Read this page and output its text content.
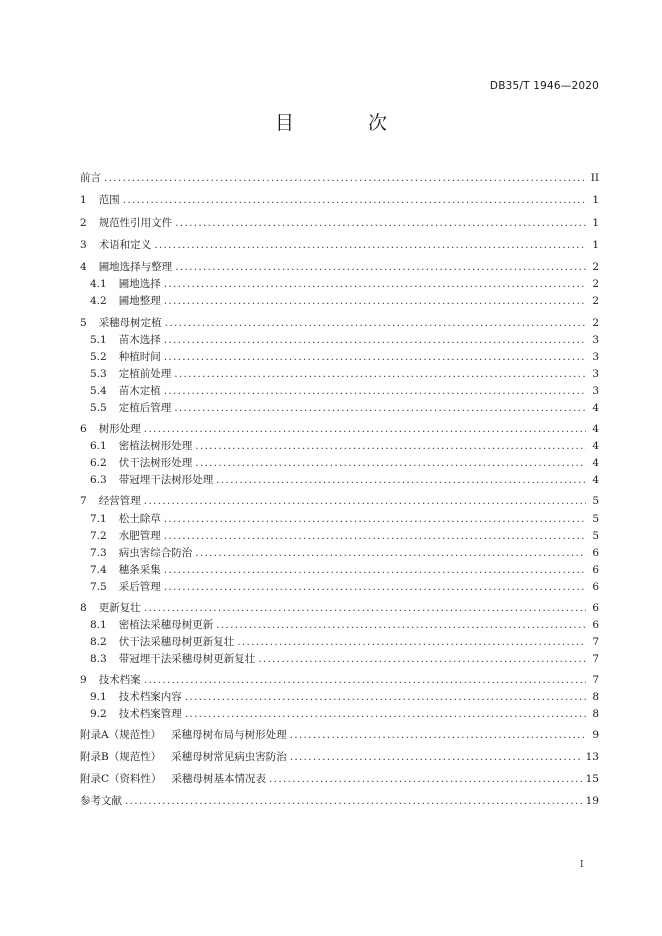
DB35/T 1946—2020
目 次
前言 .....	II
1 范围 .....	1
2 规范性引用文件 .....	1
3 术语和定义 .....	1
4 圃地选择与整理 .....	2
4.1 圃地选择 .....	2
4.2 圃地整理 .....	2
5 采穗母树定植 .....	2
5.1 苗木选择 .....	3
5.2 种植时间 .....	3
5.3 定植前处理 .....	3
5.4 苗木定植 .....	3
5.5 定植后管理 .....	4
6 树形处理 .....	4
6.1 密植法树形处理 .....	4
6.2 伏干法树形处理 .....	4
6.3 带冠埋干法树形处理 .....	4
7 经营管理 .....	5
7.1 松土除草 .....	5
7.2 水肥管理 .....	5
7.3 病虫害综合防治 .....	6
7.4 穗条采集 .....	6
7.5 采后管理 .....	6
8 更新复壮 .....	6
8.1 密植法采穗母树更新 .....	6
8.2 伏干法采穗母树更新复壮 .....	7
8.3 带冠埋干法采穗母树更新复壮 .....	7
9 技术档案 .....	7
9.1 技术档案内容 .....	8
9.2 技术档案管理 .....	8
附录A（规范性） 采穗母树布局与树形处理 .....	9
附录B（规范性） 采穗母树常见病虫害防治 .....	13
附录C（资料性） 采穗母树基本情况表 .....	15
参考文献 .....	19
I
